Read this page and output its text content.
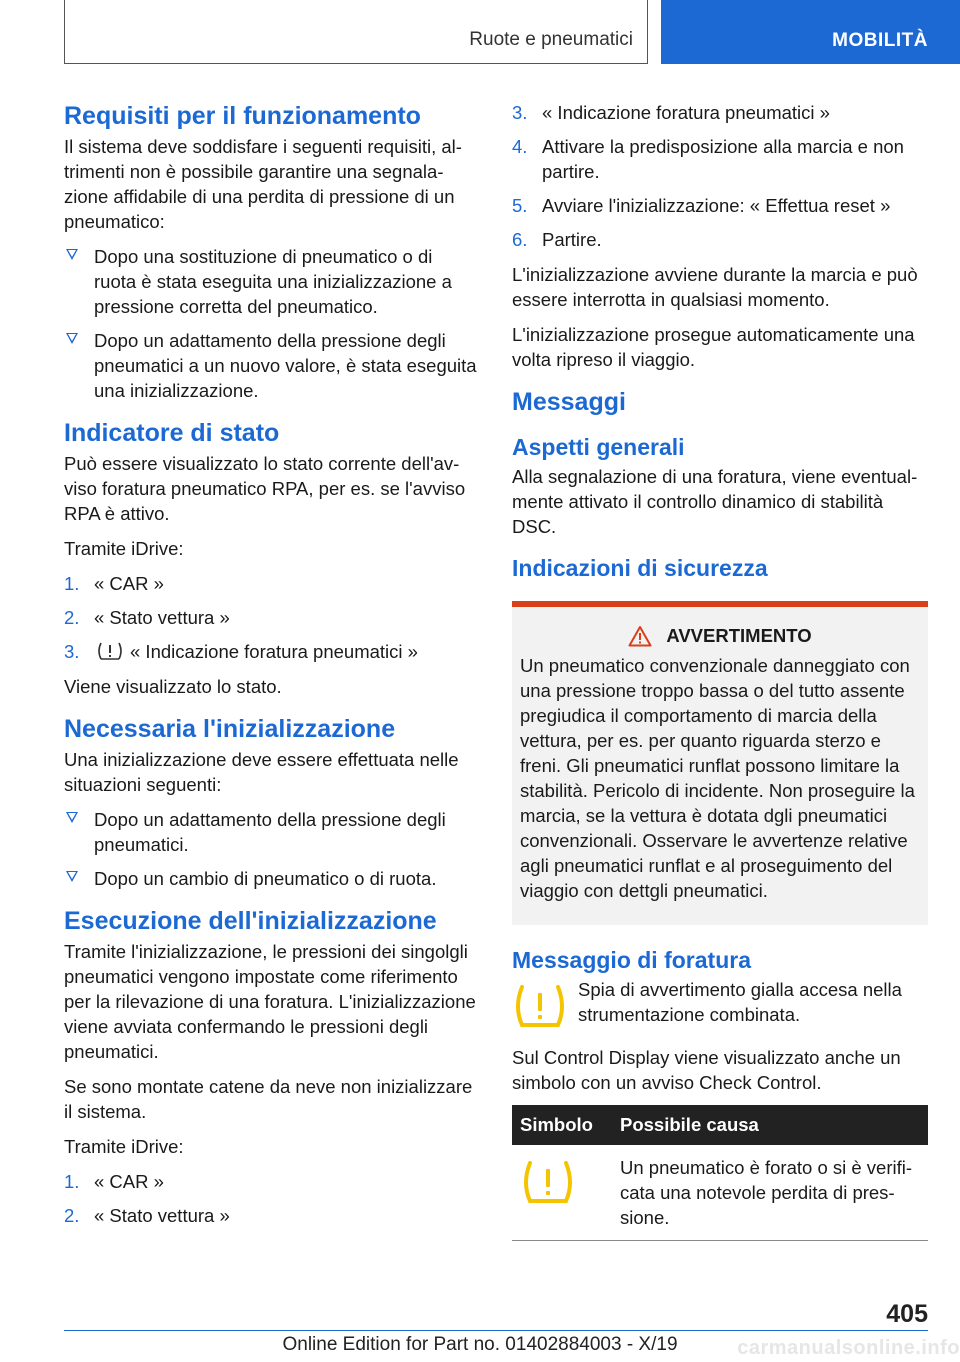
Ruote e pneumatici	MOBILITÀ
Requisiti per il funzionamento

Il sistema deve soddisfare i seguenti requisiti, altrimenti non è possibile garantire una segnalazione affidabile di una perdita di pressione di un pneumatico:

Dopo una sostituzione di pneumatico o di ruota è stata eseguita una inizializzazione a pressione corretta del pneumatico.
Dopo un adattamento della pressione degli pneumatici a un nuovo valore, è stata eseguita una inizializzazione.
Indicatore di stato

Può essere visualizzato lo stato corrente dell'avviso foratura pneumatico RPA, per es. se l'avviso RPA è attivo.

Tramite iDrive:

1. « CAR »
2. « Stato vettura »
3.	« Indicazione foratura pneumatici »

Viene visualizzato lo stato.

Necessaria l'inizializzazione

Una inizializzazione deve essere effettuata nelle situazioni seguenti:

Dopo un adattamento della pressione degli pneumatici.
Dopo un cambio di pneumatico o di ruota.
Esecuzione dell'inizializzazione

Tramite l'inizializzazione, le pressioni dei singolgli pneumatici vengono impostate come riferimento per la rilevazione di una foratura. L'inizializzazione viene avviata confermando le pressioni degli pneumatici.

Se sono montate catene da neve non inizializzare il sistema.

Tramite iDrive:

1. « CAR »
2. « Stato vettura »
3. « Indicazione foratura pneumatici »
4. Attivare la predisposizione alla marcia e non partire.
5. Avviare l'inizializzazione: « Effettua reset »
6. Partire.

L'inizializzazione avviene durante la marcia e può essere interrotta in qualsiasi momento.

L'inizializzazione prosegue automaticamente una volta ripreso il viaggio.

Messaggi
Aspetti generali

Alla segnalazione di una foratura, viene eventualmente attivato il controllo dinamico di stabilità DSC.

Indicazioni di sicurezza
AVVERTIMENTO

Un pneumatico convenzionale danneggiato con una pressione troppo bassa o del tutto assente pregiudica il comportamento di marcia della vettura, per es. per quanto riguarda sterzo e freni. Gli pneumatici runflat possono limitare la stabilità. Pericolo di incidente. Non proseguire la marcia, se la vettura è dotata dgli pneumatici convenzionali. Osservare le avvertenze relative agli pneumatici runflat e al proseguimento del viaggio con dettgli pneumatici.

Messaggio di foratura

Spia di avvertimento gialla accesa nella strumentazione combinata.

Sul Control Display viene visualizzato anche un simbolo con un avviso Check Control.

Simbolo	Possibile causa
	Un pneumatico è forato o si è verificata una notevole perdita di pressione.
405
Online Edition for Part no. 01402884003 - X/19	carmanualsonline.info
